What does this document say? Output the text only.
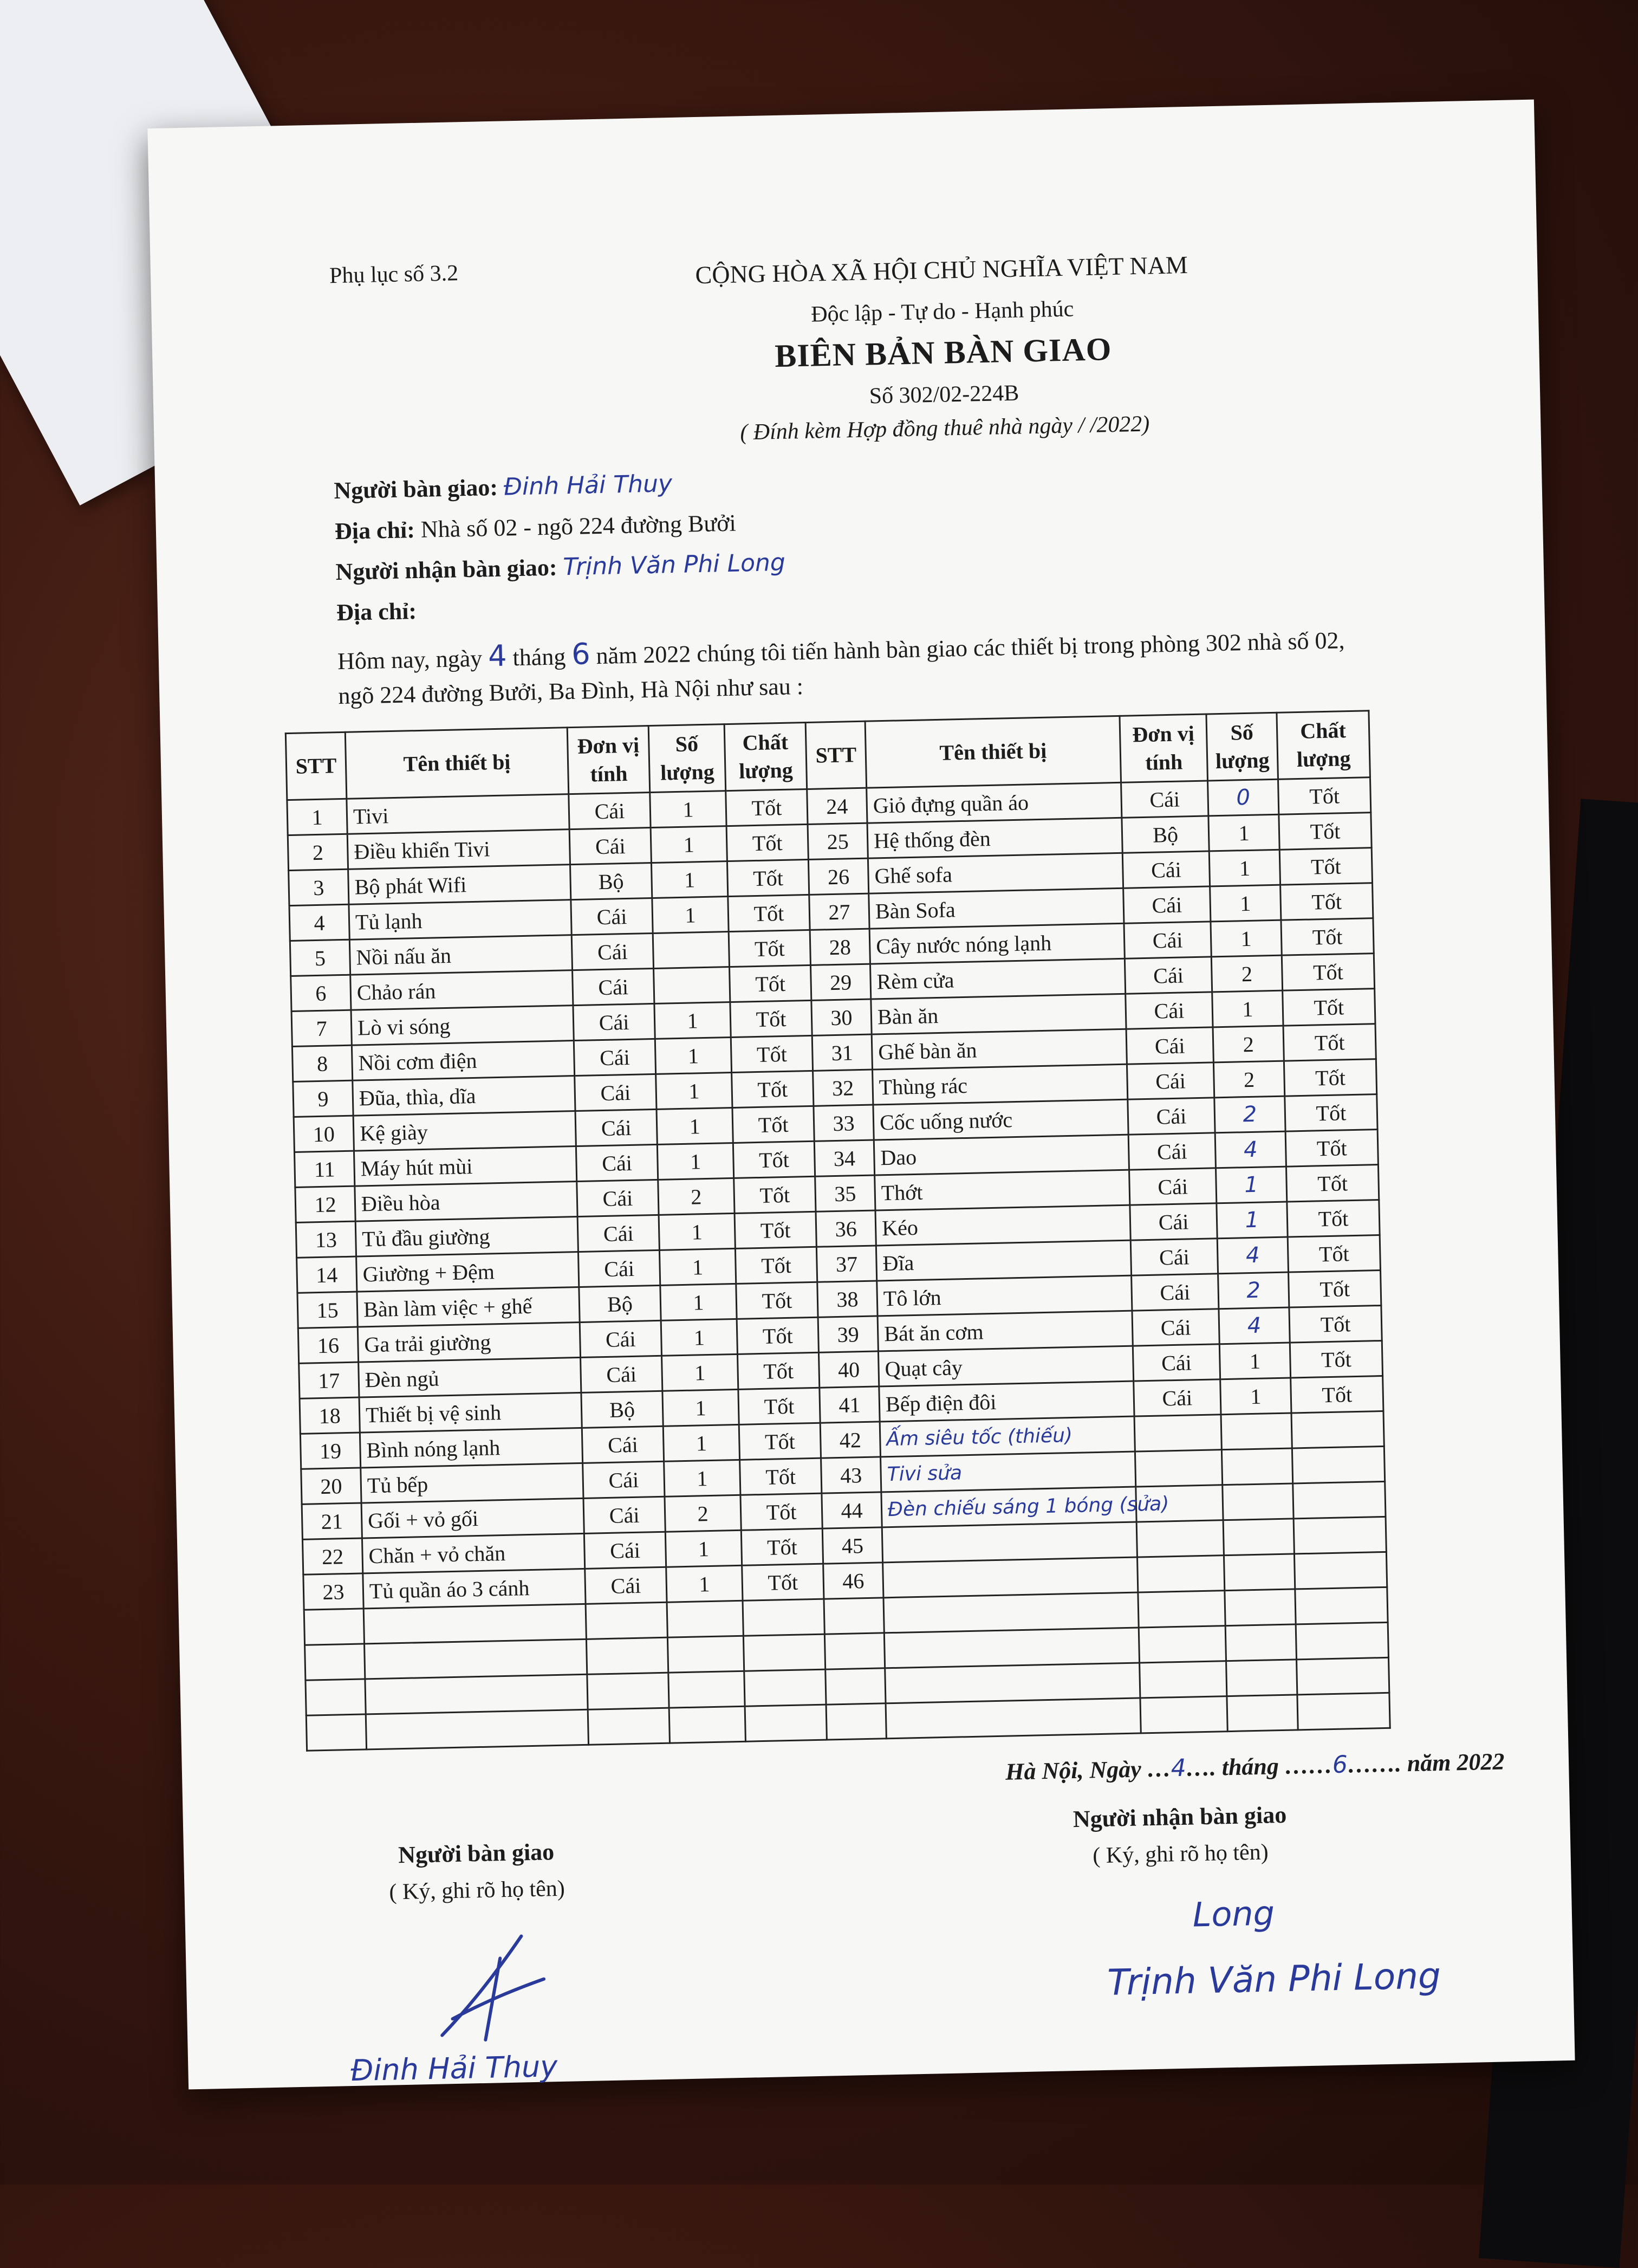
Phụ lục số 3.2	CỘNG HÒA XÃ HỘI CHỦ NGHĨA VIỆT NAM
Độc lập - Tự do - Hạnh phúc
BIÊN BẢN BÀN GIAO
Số 302/02-224B
( Đính kèm Hợp đồng thuê nhà ngày / /2022)
Người bàn giao: Đinh Hải Thuy
Địa chỉ: Nhà số 02 - ngõ 224 đường Bưởi
Người nhận bàn giao: Trịnh Văn Phi Long
Địa chỉ:
Hôm nay, ngày 4 tháng 6 năm 2022 chúng tôi tiến hành bàn giao các thiết bị trong phòng 302 nhà số 02, ngõ 224 đường Bưởi, Ba Đình, Hà Nội như sau :
STT	Tên thiết bị	Đơn vị tính	Số lượng	Chất lượng	STT	Tên thiết bị	Đơn vị tính	Số lượng	Chất lượng
1	Tivi	Cái	1	Tốt	24	Giỏ đựng quần áo	Cái	0	Tốt
2	Điều khiển Tivi	Cái	1	Tốt	25	Hệ thống đèn	Bộ	1	Tốt
3	Bộ phát Wifi	Bộ	1	Tốt	26	Ghế sofa	Cái	1	Tốt
4	Tủ lạnh	Cái	1	Tốt	27	Bàn Sofa	Cái	1	Tốt
5	Nồi nấu ăn	Cái		Tốt	28	Cây nước nóng lạnh	Cái	1	Tốt
6	Chảo rán	Cái		Tốt	29	Rèm cửa	Cái	2	Tốt
7	Lò vi sóng	Cái	1	Tốt	30	Bàn ăn	Cái	1	Tốt
8	Nồi cơm điện	Cái	1	Tốt	31	Ghế bàn ăn	Cái	2	Tốt
9	Đũa, thìa, dĩa	Cái	1	Tốt	32	Thùng rác	Cái	2	Tốt
10	Kệ giày	Cái	1	Tốt	33	Cốc uống nước	Cái	2	Tốt
11	Máy hút mùi	Cái	1	Tốt	34	Dao	Cái	4	Tốt
12	Điều hòa	Cái	2	Tốt	35	Thớt	Cái	1	Tốt
13	Tủ đầu giường	Cái	1	Tốt	36	Kéo	Cái	1	Tốt
14	Giường + Đệm	Cái	1	Tốt	37	Đĩa	Cái	4	Tốt
15	Bàn làm việc + ghế	Bộ	1	Tốt	38	Tô lớn	Cái	2	Tốt
16	Ga trải giường	Cái	1	Tốt	39	Bát ăn cơm	Cái	4	Tốt
17	Đèn ngủ	Cái	1	Tốt	40	Quạt cây	Cái	1	Tốt
18	Thiết bị vệ sinh	Bộ	1	Tốt	41	Bếp điện đôi	Cái	1	Tốt
19	Bình nóng lạnh	Cái	1	Tốt	42	Ấm siêu tốc (thiếu)			
20	Tủ bếp	Cái	1	Tốt	43	Tivi sửa			
21	Gối + vỏ gối	Cái	2	Tốt	44	Đèn chiếu sáng 1 bóng (sửa)			
22	Chăn + vỏ chăn	Cái	1	Tốt	45				
23	Tủ quần áo 3 cánh	Cái	1	Tốt	46				

Hà Nội, Ngày …4…. tháng ……6……. năm 2022
Người bàn giao
( Ký, ghi rõ họ tên)
Người nhận bàn giao
( Ký, ghi rõ họ tên)
Long
Trịnh Văn Phi Long
Đinh Hải Thuy
